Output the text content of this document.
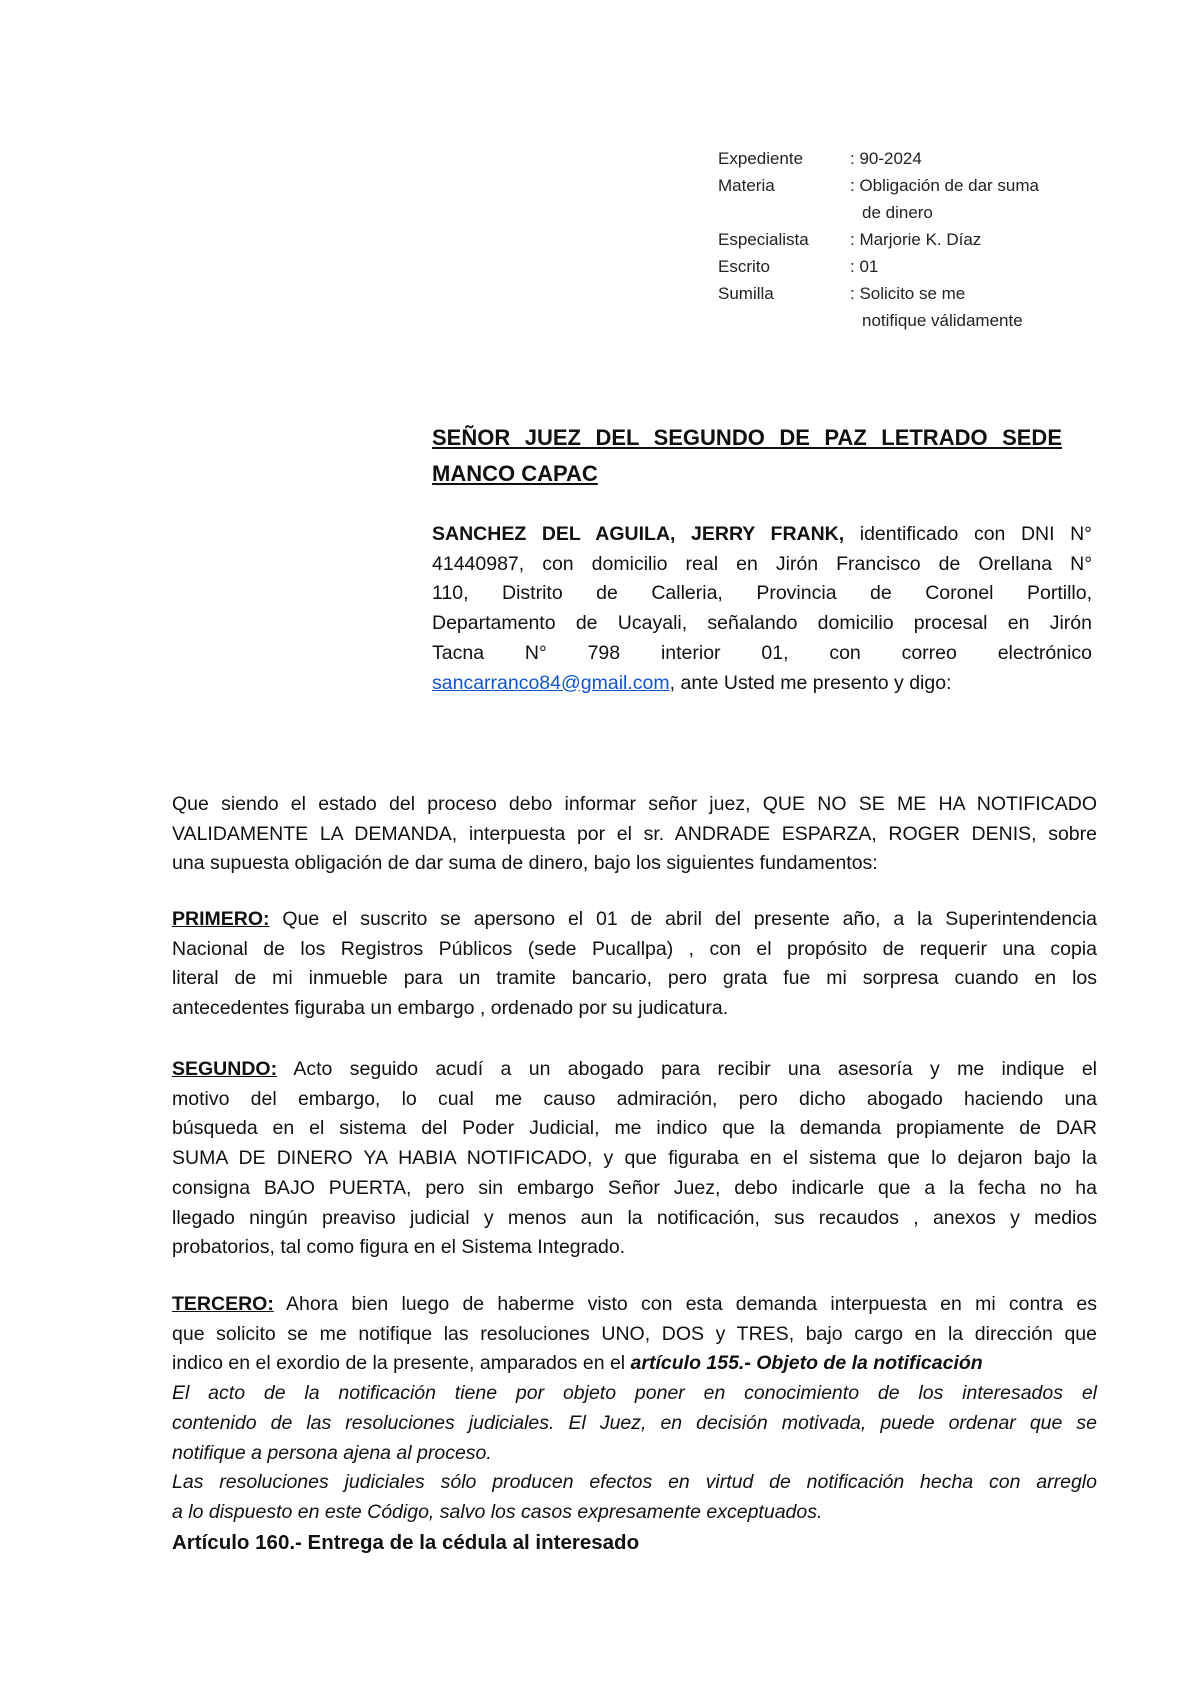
Expediente	: 90-2024
Materia	: Obligación de dar suma
de dinero
Especialista	: Marjorie K. Díaz
Escrito	: 01
Sumilla	: Solicito se me
notifique válidamente
SEÑOR JUEZ DEL SEGUNDO DE PAZ LETRADO SEDE
MANCO CAPAC
SANCHEZ DEL AGUILA, JERRY FRANK, identificado con DNI N°
41440987, con domicilio real en Jirón Francisco de Orellana N°
110, Distrito de Calleria, Provincia de Coronel Portillo,
Departamento de Ucayali, señalando domicilio procesal en Jirón
Tacna N° 798 interior 01, con correo electrónico
sancarranco84@gmail.com, ante Usted me presento y digo:
Que siendo el estado del proceso debo informar señor juez, QUE NO SE ME HA NOTIFICADO
VALIDAMENTE LA DEMANDA, interpuesta por el sr. ANDRADE ESPARZA, ROGER DENIS, sobre
una supuesta obligación de dar suma de dinero, bajo los siguientes fundamentos:
PRIMERO: Que el suscrito se apersono el 01 de abril del presente año, a la Superintendencia
Nacional de los Registros Públicos (sede Pucallpa) , con el propósito de requerir una copia
literal de mi inmueble para un tramite bancario, pero grata fue mi sorpresa cuando en los
antecedentes figuraba un embargo , ordenado por su judicatura.
SEGUNDO: Acto seguido acudí a un abogado para recibir una asesoría y me indique el
motivo del embargo, lo cual me causo admiración, pero dicho abogado haciendo una
búsqueda en el sistema del Poder Judicial, me indico que la demanda propiamente de DAR
SUMA DE DINERO YA HABIA NOTIFICADO, y que figuraba en el sistema que lo dejaron bajo la
consigna BAJO PUERTA, pero sin embargo Señor Juez, debo indicarle que a la fecha no ha
llegado ningún preaviso judicial y menos aun la notificación, sus recaudos , anexos y medios
probatorios, tal como figura en el Sistema Integrado.
TERCERO: Ahora bien luego de haberme visto con esta demanda interpuesta en mi contra es
que solicito se me notifique las resoluciones UNO, DOS y TRES, bajo cargo en la dirección que
indico en el exordio de la presente, amparados en el artículo 155.- Objeto de la notificación
El acto de la notificación tiene por objeto poner en conocimiento de los interesados el
contenido de las resoluciones judiciales. El Juez, en decisión motivada, puede ordenar que se
notifique a persona ajena al proceso.
Las resoluciones judiciales sólo producen efectos en virtud de notificación hecha con arreglo
a lo dispuesto en este Código, salvo los casos expresamente exceptuados.
Artículo 160.- Entrega de la cédula al interesado
